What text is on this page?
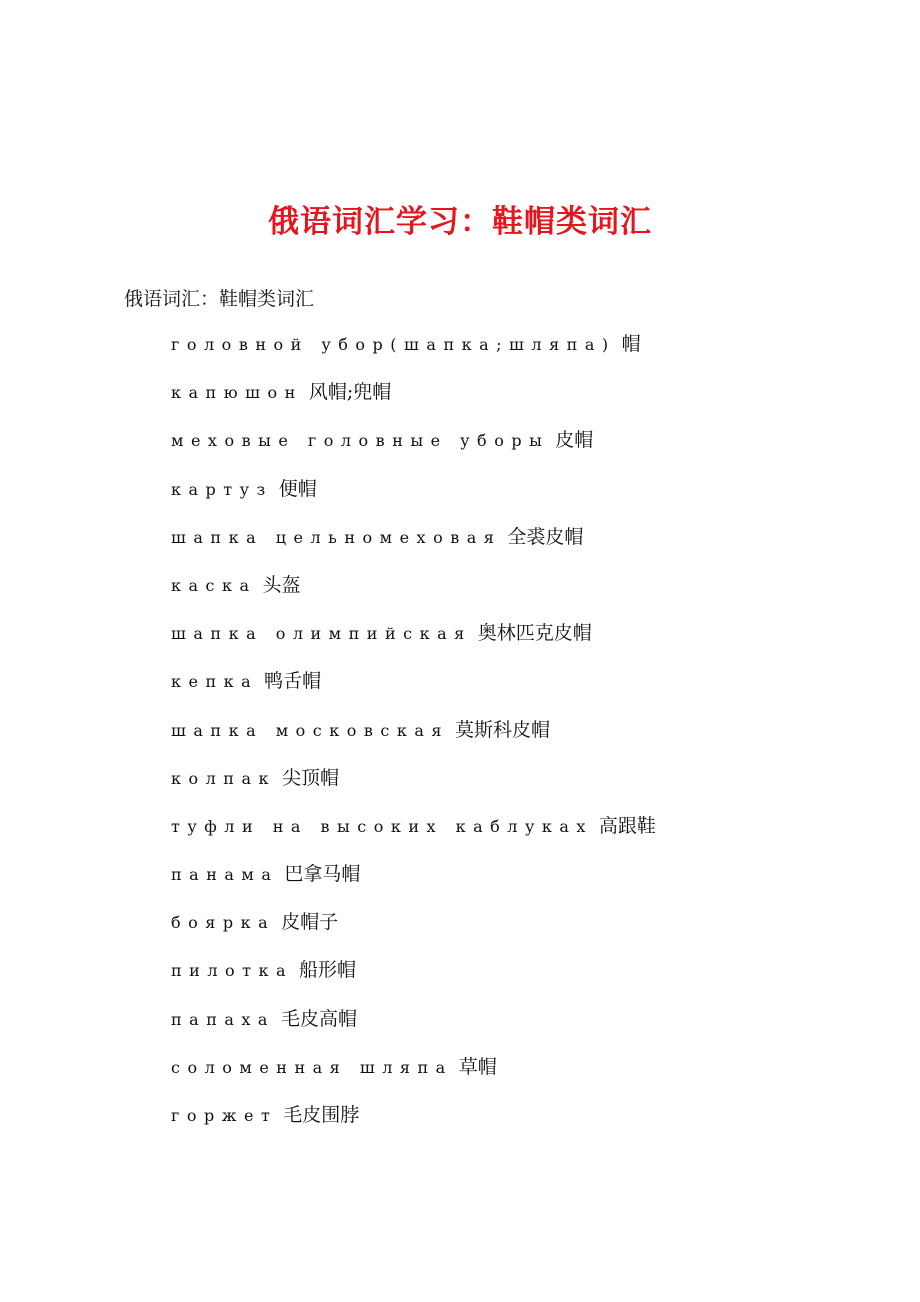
俄语词汇学习：鞋帽类词汇

俄语词汇：鞋帽类词汇

головной убор(шапка;шляпа) 帽
капюшон 风帽;兜帽
меховые головные уборы 皮帽
картуз 便帽
шапка цельномеховая 全裘皮帽
каска 头盔
шапка олимпийская 奥林匹克皮帽
кепка 鸭舌帽
шапка московская 莫斯科皮帽
колпак 尖顶帽
туфли на высоких каблуках 高跟鞋
панама 巴拿马帽
боярка 皮帽子
пилотка 船形帽
папаха 毛皮高帽
соломенная шляпа 草帽
горжет 毛皮围脖
